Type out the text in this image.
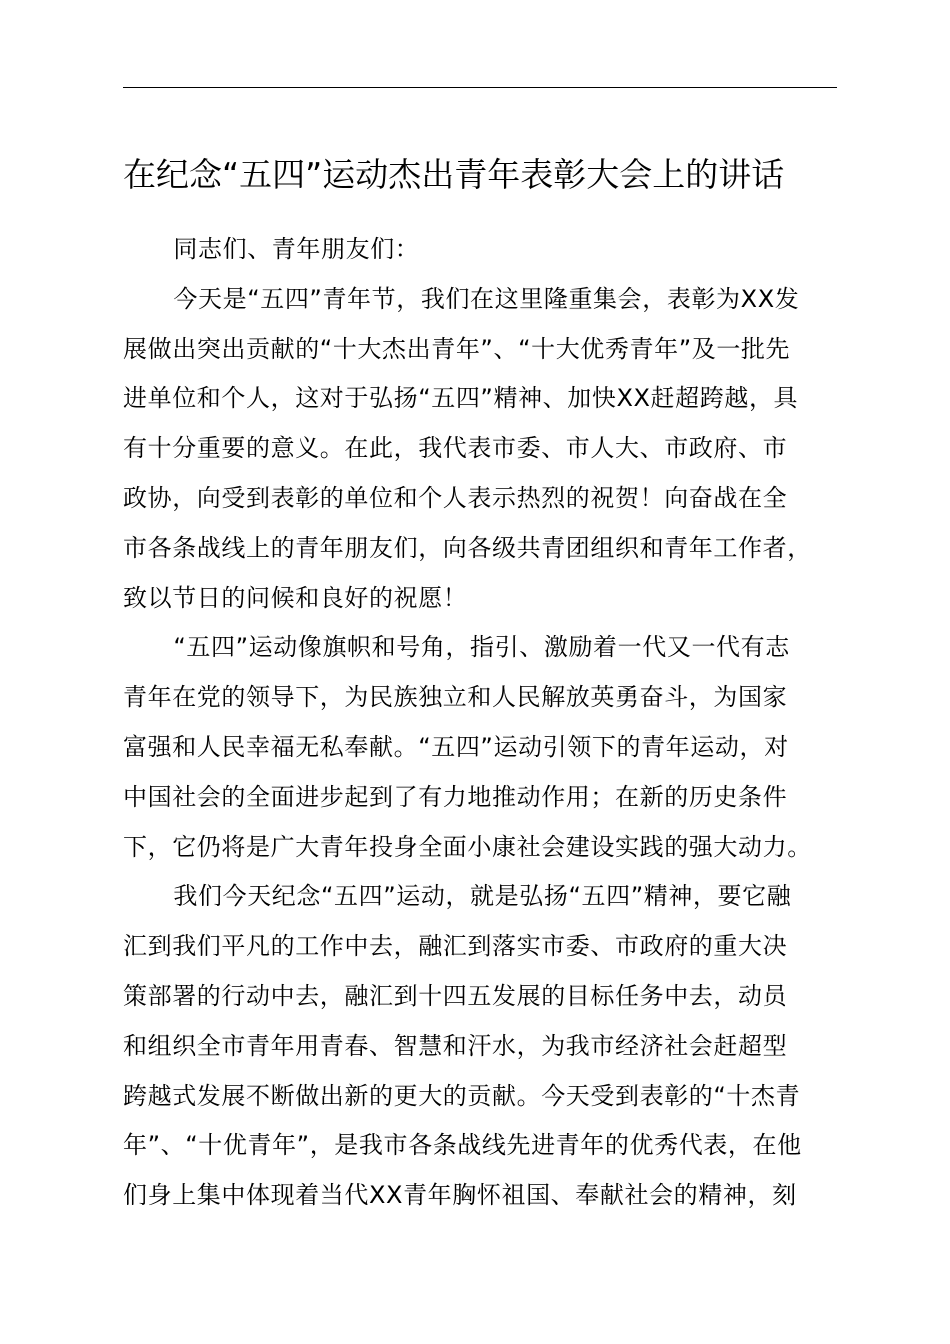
在纪念“五四”运动杰出青年表彰大会上的讲话

同志们、青年朋友们：

今天是“五四”青年节，我们在这里隆重集会，表彰为XX发
展做出突出贡献的“十大杰出青年”、“十大优秀青年”及一批先
进单位和个人，这对于弘扬“五四”精神、加快XX赶超跨越，具
有十分重要的意义。在此，我代表市委、市人大、市政府、市
政协，向受到表彰的单位和个人表示热烈的祝贺！向奋战在全
市各条战线上的青年朋友们，向各级共青团组织和青年工作者，
致以节日的问候和良好的祝愿！

“五四”运动像旗帜和号角，指引、激励着一代又一代有志
青年在党的领导下，为民族独立和人民解放英勇奋斗，为国家
富强和人民幸福无私奉献。“五四”运动引领下的青年运动，对
中国社会的全面进步起到了有力地推动作用；在新的历史条件
下，它仍将是广大青年投身全面小康社会建设实践的强大动力。

我们今天纪念“五四”运动，就是弘扬“五四”精神，要它融
汇到我们平凡的工作中去，融汇到落实市委、市政府的重大决
策部署的行动中去，融汇到十四五发展的目标任务中去，动员
和组织全市青年用青春、智慧和汗水，为我市经济社会赶超型
跨越式发展不断做出新的更大的贡献。今天受到表彰的“十杰青
年”、“十优青年”，是我市各条战线先进青年的优秀代表，在他
们身上集中体现着当代XX青年胸怀祖国、奉献社会的精神，刻
